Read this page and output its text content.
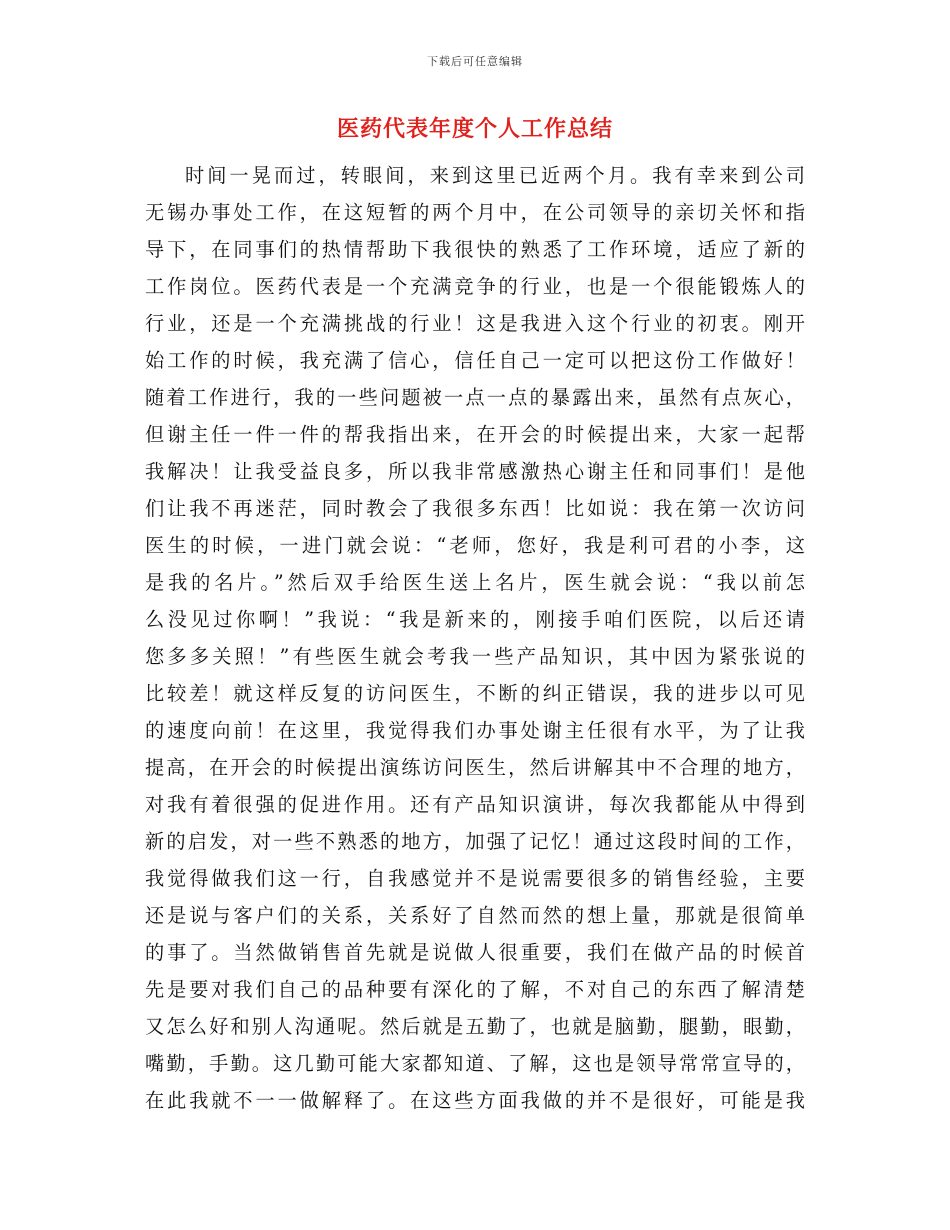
下载后可任意编辑
医药代表年度个人工作总结
时间一晃而过，转眼间，来到这里已近两个月。我有幸来到公司
无锡办事处工作，在这短暂的两个月中，在公司领导的亲切关怀和指
导下，在同事们的热情帮助下我很快的熟悉了工作环境，适应了新的
工作岗位。医药代表是一个充满竞争的行业，也是一个很能锻炼人的
行业，还是一个充满挑战的行业！这是我进入这个行业的初衷。刚开
始工作的时候，我充满了信心，信任自己一定可以把这份工作做好！
随着工作进行，我的一些问题被一点一点的暴露出来，虽然有点灰心，
但谢主任一件一件的帮我指出来，在开会的时候提出来，大家一起帮
我解决！让我受益良多，所以我非常感激热心谢主任和同事们！是他
们让我不再迷茫，同时教会了我很多东西！比如说：我在第一次访问
医生的时候，一进门就会说：“老师，您好，我是利可君的小李，这
是我的名片。”然后双手给医生送上名片，医生就会说：“我以前怎
么没见过你啊！”我说：“我是新来的，刚接手咱们医院，以后还请
您多多关照！”有些医生就会考我一些产品知识，其中因为紧张说的
比较差！就这样反复的访问医生，不断的纠正错误，我的进步以可见
的速度向前！在这里，我觉得我们办事处谢主任很有水平，为了让我
提高，在开会的时候提出演练访问医生，然后讲解其中不合理的地方，
对我有着很强的促进作用。还有产品知识演讲，每次我都能从中得到
新的启发，对一些不熟悉的地方，加强了记忆！通过这段时间的工作，
我觉得做我们这一行，自我感觉并不是说需要很多的销售经验，主要
还是说与客户们的关系，关系好了自然而然的想上量，那就是很简单
的事了。当然做销售首先就是说做人很重要，我们在做产品的时候首
先是要对我们自己的品种要有深化的了解，不对自己的东西了解清楚
又怎么好和别人沟通呢。然后就是五勤了，也就是脑勤，腿勤，眼勤，
嘴勤，手勤。这几勤可能大家都知道、了解，这也是领导常常宣导的，
在此我就不一一做解释了。在这些方面我做的并不是很好，可能是我
